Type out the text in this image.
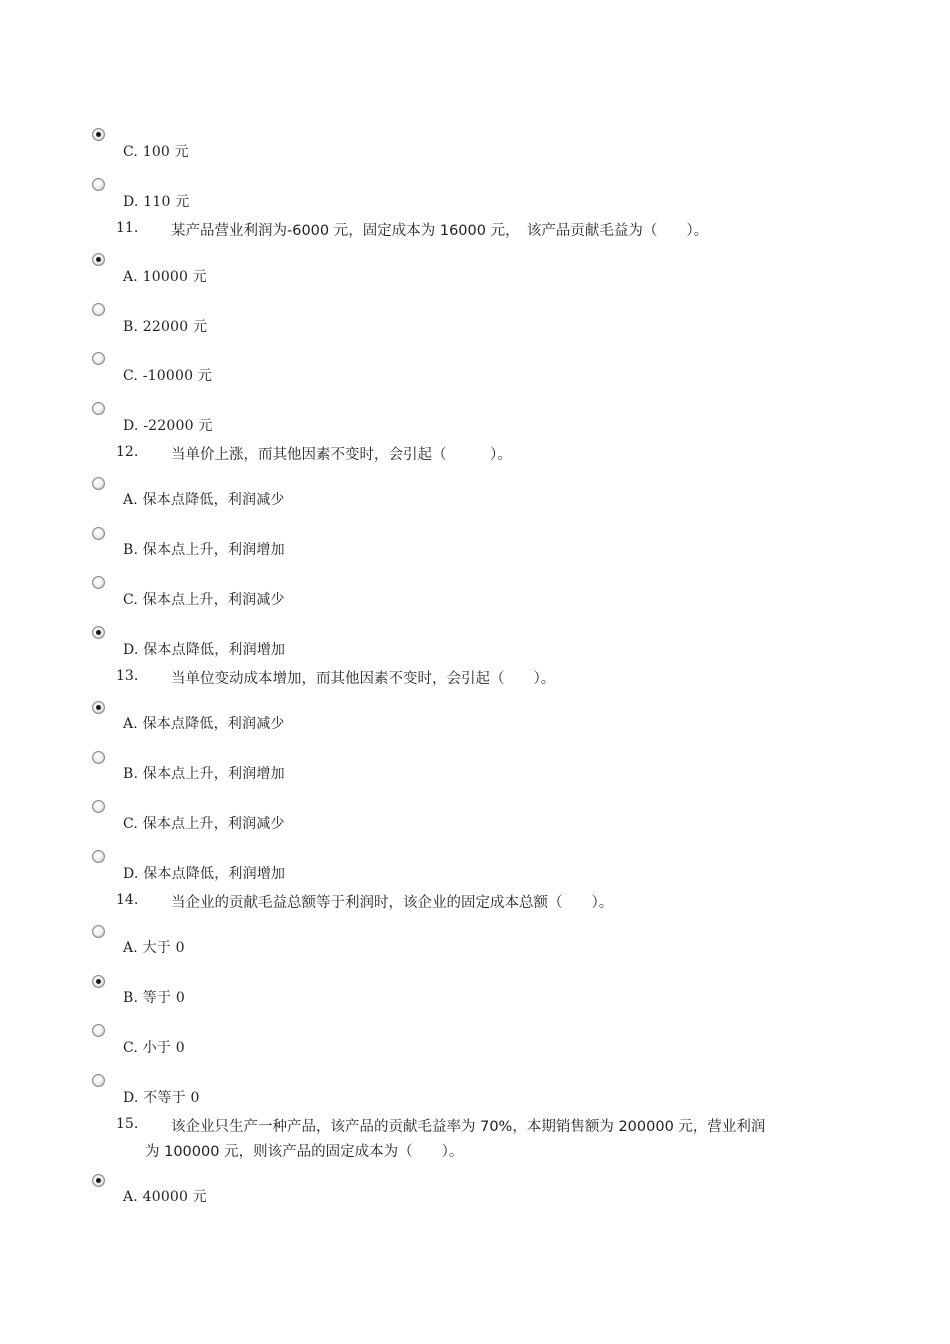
C. 100 元
D. 110 元
11. 某产品营业利润为-6000 元，固定成本为 16000 元，　该产品贡献毛益为（　　）。
A. 10000 元
B. 22000 元
C. -10000 元
D. -22000 元
12. 当单价上涨，而其他因素不变时，会引起（　　　）。
A. 保本点降低，利润减少
B. 保本点上升，利润增加
C. 保本点上升，利润减少
D. 保本点降低，利润增加
13. 当单位变动成本增加，而其他因素不变时，会引起（　　）。
A. 保本点降低，利润减少
B. 保本点上升，利润增加
C. 保本点上升，利润减少
D. 保本点降低，利润增加
14. 当企业的贡献毛益总额等于利润时，该企业的固定成本总额（　　）。
A. 大于 0
B. 等于 0
C. 小于 0
D. 不等于 0
15. 该企业只生产一种产品，该产品的贡献毛益率为 70%，本期销售额为 200000 元，营业利润
为 100000 元，则该产品的固定成本为（　　）。
A. 40000 元
